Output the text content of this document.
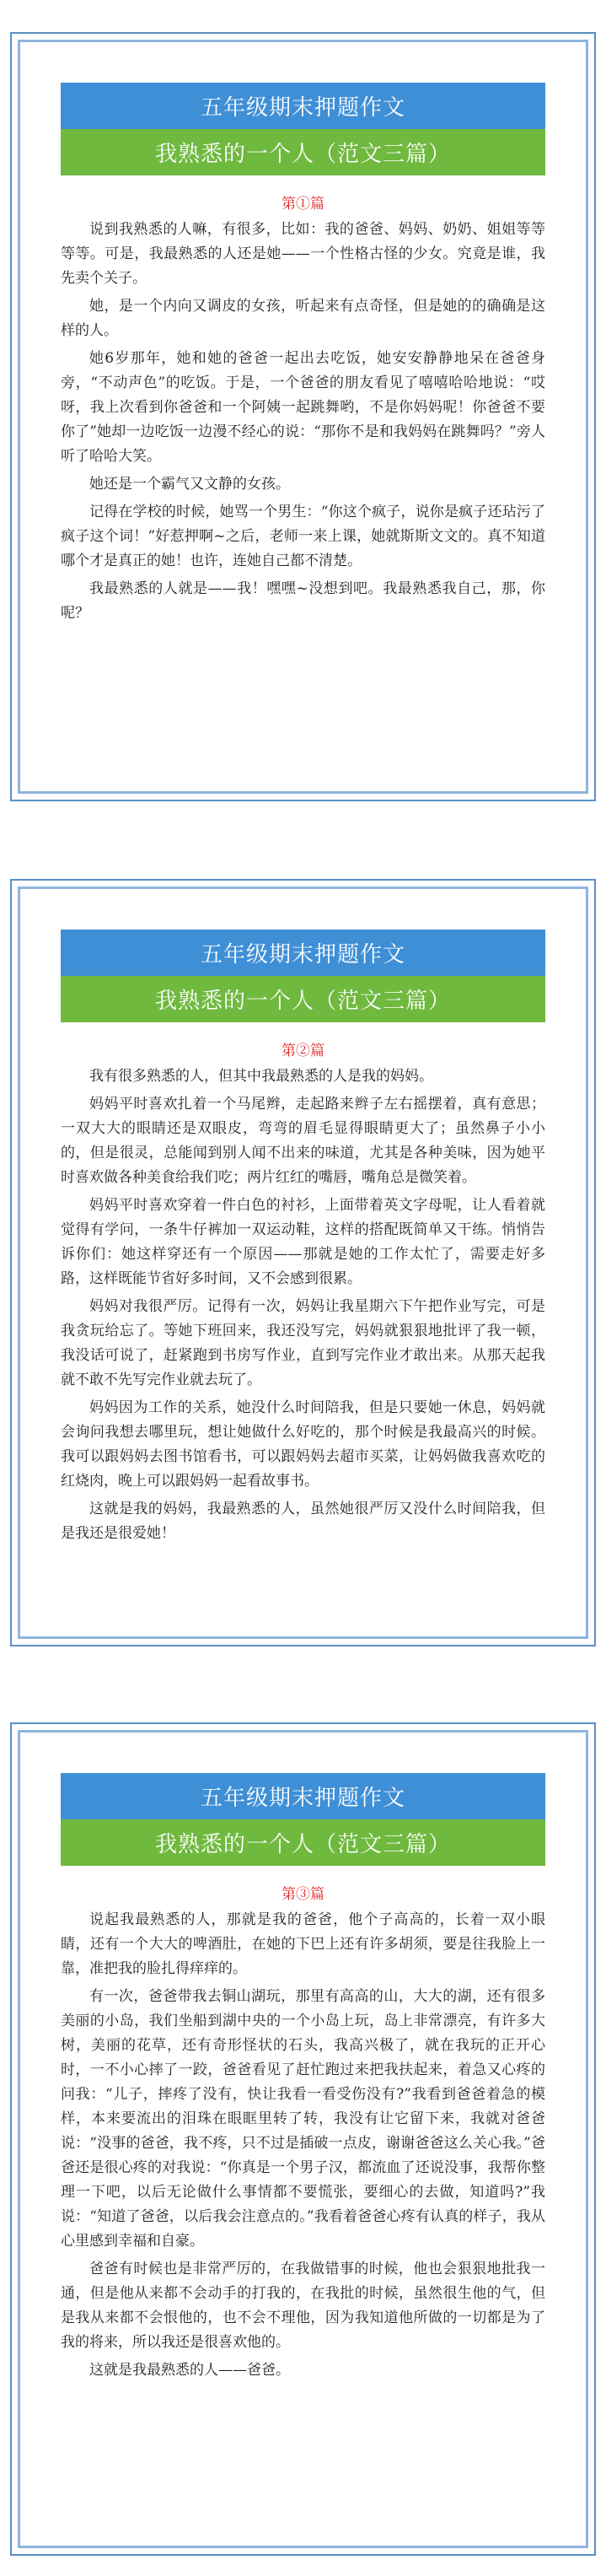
五年级期末押题作文
我熟悉的一个人（范文三篇）
第①篇

说到我熟悉的人嘛，有很多，比如：我的爸爸、妈妈、奶奶、姐姐等等等等。可是，我最熟悉的人还是她——一个性格古怪的少女。究竟是谁，我先卖个关子。

她，是一个内向又调皮的女孩，听起来有点奇怪，但是她的的确确是这样的人。

她6岁那年，她和她的爸爸一起出去吃饭，她安安静静地呆在爸爸身旁，“不动声色”的吃饭。于是，一个爸爸的朋友看见了嘻嘻哈哈地说：“哎呀，我上次看到你爸爸和一个阿姨一起跳舞哟，不是你妈妈呢！你爸爸不要你了”她却一边吃饭一边漫不经心的说：“那你不是和我妈妈在跳舞吗？”旁人听了哈哈大笑。

她还是一个霸气又文静的女孩。

记得在学校的时候，她骂一个男生：“你这个疯子，说你是疯子还玷污了疯子这个词！”好惹押啊~之后，老师一来上课，她就斯斯文文的。真不知道哪个才是真正的她！也许，连她自己都不清楚。

我最熟悉的人就是——我！嘿嘿~没想到吧。我最熟悉我自己，那，你呢？

五年级期末押题作文
我熟悉的一个人（范文三篇）
第②篇

我有很多熟悉的人，但其中我最熟悉的人是我的妈妈。

妈妈平时喜欢扎着一个马尾辫，走起路来辫子左右摇摆着，真有意思；一双大大的眼睛还是双眼皮，弯弯的眉毛显得眼睛更大了；虽然鼻子小小的，但是很灵，总能闻到别人闻不出来的味道，尤其是各种美味，因为她平时喜欢做各种美食给我们吃；两片红红的嘴唇，嘴角总是微笑着。

妈妈平时喜欢穿着一件白色的衬衫，上面带着英文字母呢，让人看着就觉得有学问，一条牛仔裤加一双运动鞋，这样的搭配既简单又干练。悄悄告诉你们：她这样穿还有一个原因——那就是她的工作太忙了，需要走好多路，这样既能节省好多时间，又不会感到很累。

妈妈对我很严厉。记得有一次，妈妈让我星期六下午把作业写完，可是我贪玩给忘了。等她下班回来，我还没写完，妈妈就狠狠地批评了我一顿，我没话可说了，赶紧跑到书房写作业，直到写完作业才敢出来。从那天起我就不敢不先写完作业就去玩了。

妈妈因为工作的关系，她没什么时间陪我，但是只要她一休息，妈妈就会询问我想去哪里玩，想让她做什么好吃的，那个时候是我最高兴的时候。我可以跟妈妈去图书馆看书，可以跟妈妈去超市买菜，让妈妈做我喜欢吃的红烧肉，晚上可以跟妈妈一起看故事书。

这就是我的妈妈，我最熟悉的人，虽然她很严厉又没什么时间陪我，但是我还是很爱她！

五年级期末押题作文
我熟悉的一个人（范文三篇）
第③篇

说起我最熟悉的人，那就是我的爸爸，他个子高高的，长着一双小眼睛，还有一个大大的啤酒肚，在她的下巴上还有许多胡须，要是往我脸上一靠，准把我的脸扎得痒痒的。

有一次，爸爸带我去铜山湖玩，那里有高高的山，大大的湖，还有很多美丽的小岛，我们坐船到湖中央的一个小岛上玩，岛上非常漂亮，有许多大树，美丽的花草，还有奇形怪状的石头，我高兴极了，就在我玩的正开心时，一不小心摔了一跤，爸爸看见了赶忙跑过来把我扶起来，着急又心疼的问我：“儿子，摔疼了没有，快让我看一看受伤没有?”我看到爸爸着急的模样，本来要流出的泪珠在眼眶里转了转，我没有让它留下来，我就对爸爸说：“没事的爸爸，我不疼，只不过是插破一点皮，谢谢爸爸这么关心我。”爸爸还是很心疼的对我说：“你真是一个男子汉，都流血了还说没事，我帮你整理一下吧，以后无论做什么事情都不要慌张，要细心的去做，知道吗?”我说：“知道了爸爸，以后我会注意点的。”我看着爸爸心疼有认真的样子，我从心里感到幸福和自豪。

爸爸有时候也是非常严厉的，在我做错事的时候，他也会狠狠地批我一通，但是他从来都不会动手的打我的，在我批的时候，虽然很生他的气，但是我从来都不会恨他的，也不会不理他，因为我知道他所做的一切都是为了我的将来，所以我还是很喜欢他的。

这就是我最熟悉的人——爸爸。
